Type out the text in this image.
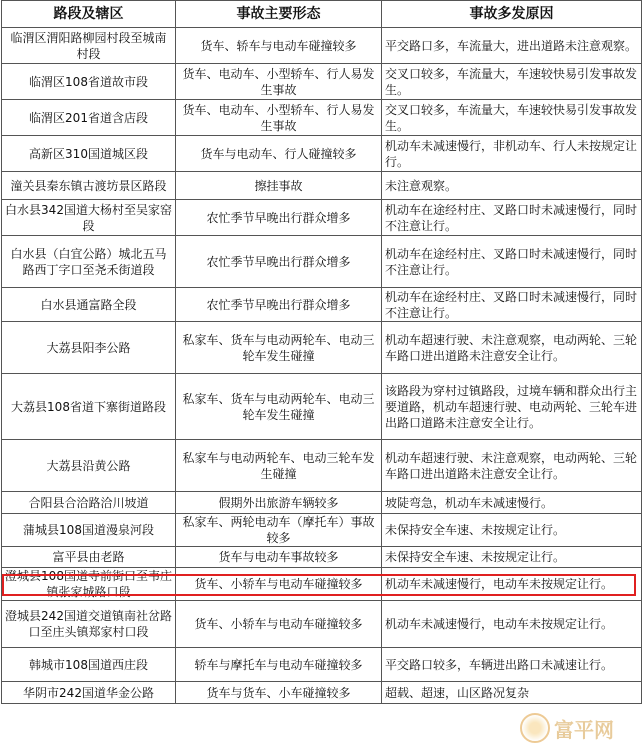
路段及辖区	事故主要形态	事故多发原因
临渭区渭阳路柳园村段至城南村段	货车、轿车与电动车碰撞较多	平交路口多，车流量大，进出道路未注意观察。
临渭区108省道故市段	货车、电动车、小型轿车、行人易发生事故	交叉口较多，车流量大，车速较快易引发事故发生。
临渭区201省道含店段	货车、电动车、小型轿车、行人易发生事故	交叉口较多，车流量大，车速较快易引发事故发生。
高新区310国道城区段	货车与电动车、行人碰撞较多	机动车未减速慢行，非机动车、行人未按规定让行。
潼关县秦东镇古渡坊景区路段	擦挂事故	未注意观察。
白水县342国道大杨村至吴家窑段	农忙季节早晚出行群众增多	机动车在途经村庄、叉路口时未减速慢行，同时不注意让行。
白水县（白宜公路）城北五马路西丁字口至尧禾街道段	农忙季节早晚出行群众增多	机动车在途经村庄、叉路口时未减速慢行，同时不注意让行。
白水县通富路全段	农忙季节早晚出行群众增多	机动车在途经村庄、叉路口时未减速慢行，同时不注意让行。
大荔县阳李公路	私家车、货车与电动两轮车、电动三轮车发生碰撞	机动车超速行驶、未注意观察，电动两轮、三轮车路口进出道路未注意安全让行。
大荔县108省道下寨街道路段	私家车、货车与电动两轮车、电动三轮车发生碰撞	该路段为穿村过镇路段，过境车辆和群众出行主要道路，机动车超速行驶、电动两轮、三轮车进出路口道路未注意安全让行。
大荔县沿黄公路	私家车与电动两轮车、电动三轮车发生碰撞	机动车超速行驶、未注意观察，电动两轮、三轮车路口进出道路未注意安全让行。
合阳县合洽路洽川坡道	假期外出旅游车辆较多	坡陡弯急，机动车未减速慢行。
蒲城县108国道漫泉河段	私家车、两轮电动车（摩托车）事故较多	未保持安全车速、未按规定让行。
富平县由老路	货车与电动车事故较多	未保持安全车速、未按规定让行。
澄城县108国道寺前街口至韦庄镇张家城路口段	货车、小轿车与电动车碰撞较多	机动车未减速慢行，电动车未按规定让行。
澄城县242国道交道镇南社岔路口至庄头镇郑家村口段	货车、小轿车与电动车碰撞较多	机动车未减速慢行，电动车未按规定让行。
韩城市108国道西庄段	轿车与摩托车与电动车碰撞较多	平交路口较多，车辆进出路口未减速让行。
华阴市242国道华金公路	货车与货车、小车碰撞较多	超载、超速，山区路况复杂
富平网
